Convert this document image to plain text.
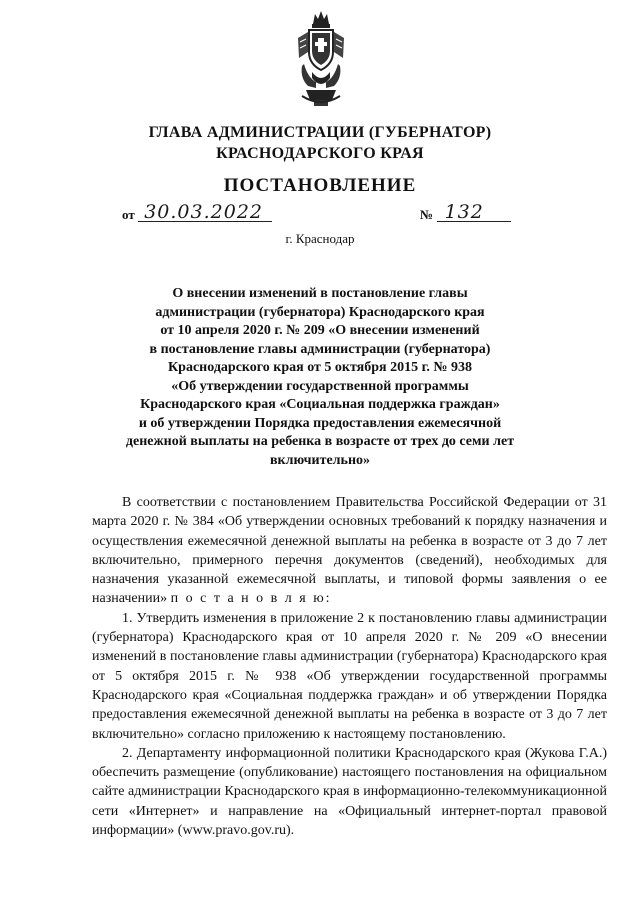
ГЛАВА АДМИНИСТРАЦИИ (ГУБЕРНАТОР)
КРАСНОДАРСКОГО КРАЯ
ПОСТАНОВЛЕНИЕ
от 30.03.2022	№ 132
г. Краснодар
О внесении изменений в постановление главы
администрации (губернатора) Краснодарского края
от 10 апреля 2020 г. № 209 «О внесении изменений
в постановление главы администрации (губернатора)
Краснодарского края от 5 октября 2015 г. № 938
«Об утверждении государственной программы
Краснодарского края «Социальная поддержка граждан»
и об утверждении Порядка предоставления ежемесячной
денежной выплаты на ребенка в возрасте от трех до семи лет
включительно»

В соответствии с постановлением Правительства Российской Федерации от 31 марта 2020 г. № 384 «Об утверждении основных требований к порядку назначения и осуществления ежемесячной денежной выплаты на ребенка в возрасте от 3 до 7 лет включительно, примерного перечня документов (сведений), необходимых для назначения указанной ежемесячной выплаты, и типовой формы заявления о ее назначении» п о с т а н о в л я ю:

1. Утвердить изменения в приложение 2 к постановлению главы администрации (губернатора) Краснодарского края от 10 апреля 2020 г. № 209 «О внесении изменений в постановление главы администрации (губернатора) Краснодарского края от 5 октября 2015 г. № 938 «Об утверждении государственной программы Краснодарского края «Социальная поддержка граждан» и об утверждении Порядка предоставления ежемесячной денежной выплаты на ребенка в возрасте от 3 до 7 лет включительно» согласно приложению к настоящему постановлению.

2. Департаменту информационной политики Краснодарского края (Жукова Г.А.) обеспечить размещение (опубликование) настоящего постановления на официальном сайте администрации Краснодарского края в информационно-телекоммуникационной сети «Интернет» и направление на «Официальный интернет-портал правовой информации» (www.pravo.gov.ru).
